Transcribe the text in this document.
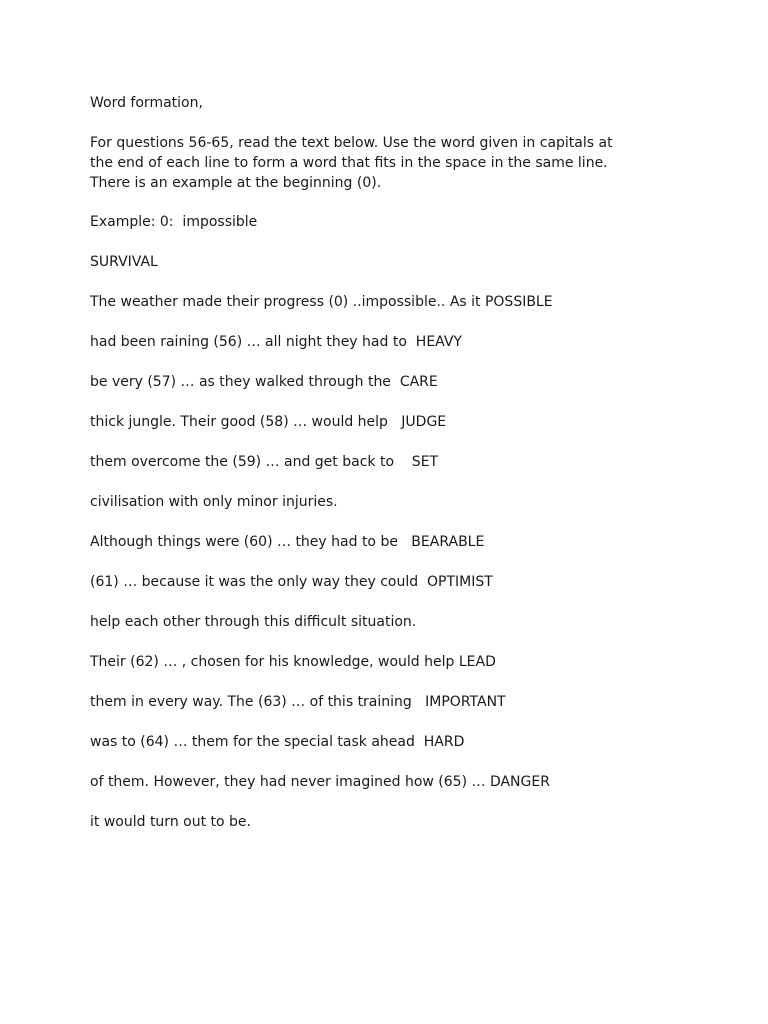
Word formation,
For questions 56-65, read the text below. Use the word given in capitals at
the end of each line to form a word that fits in the space in the same line.
There is an example at the beginning (0).
Example: 0:  impossible
SURVIVAL
The weather made their progress (0) ..impossible.. As it POSSIBLE
had been raining (56) … all night they had to  HEAVY
be very (57) … as they walked through the  CARE
thick jungle. Their good (58) … would help   JUDGE
them overcome the (59) … and get back to    SET
civilisation with only minor injuries.
Although things were (60) … they had to be   BEARABLE
(61) … because it was the only way they could  OPTIMIST
help each other through this difficult situation.
Their (62) … , chosen for his knowledge, would help LEAD
them in every way. The (63) … of this training   IMPORTANT
was to (64) … them for the special task ahead  HARD
of them. However, they had never imagined how (65) … DANGER
it would turn out to be.
